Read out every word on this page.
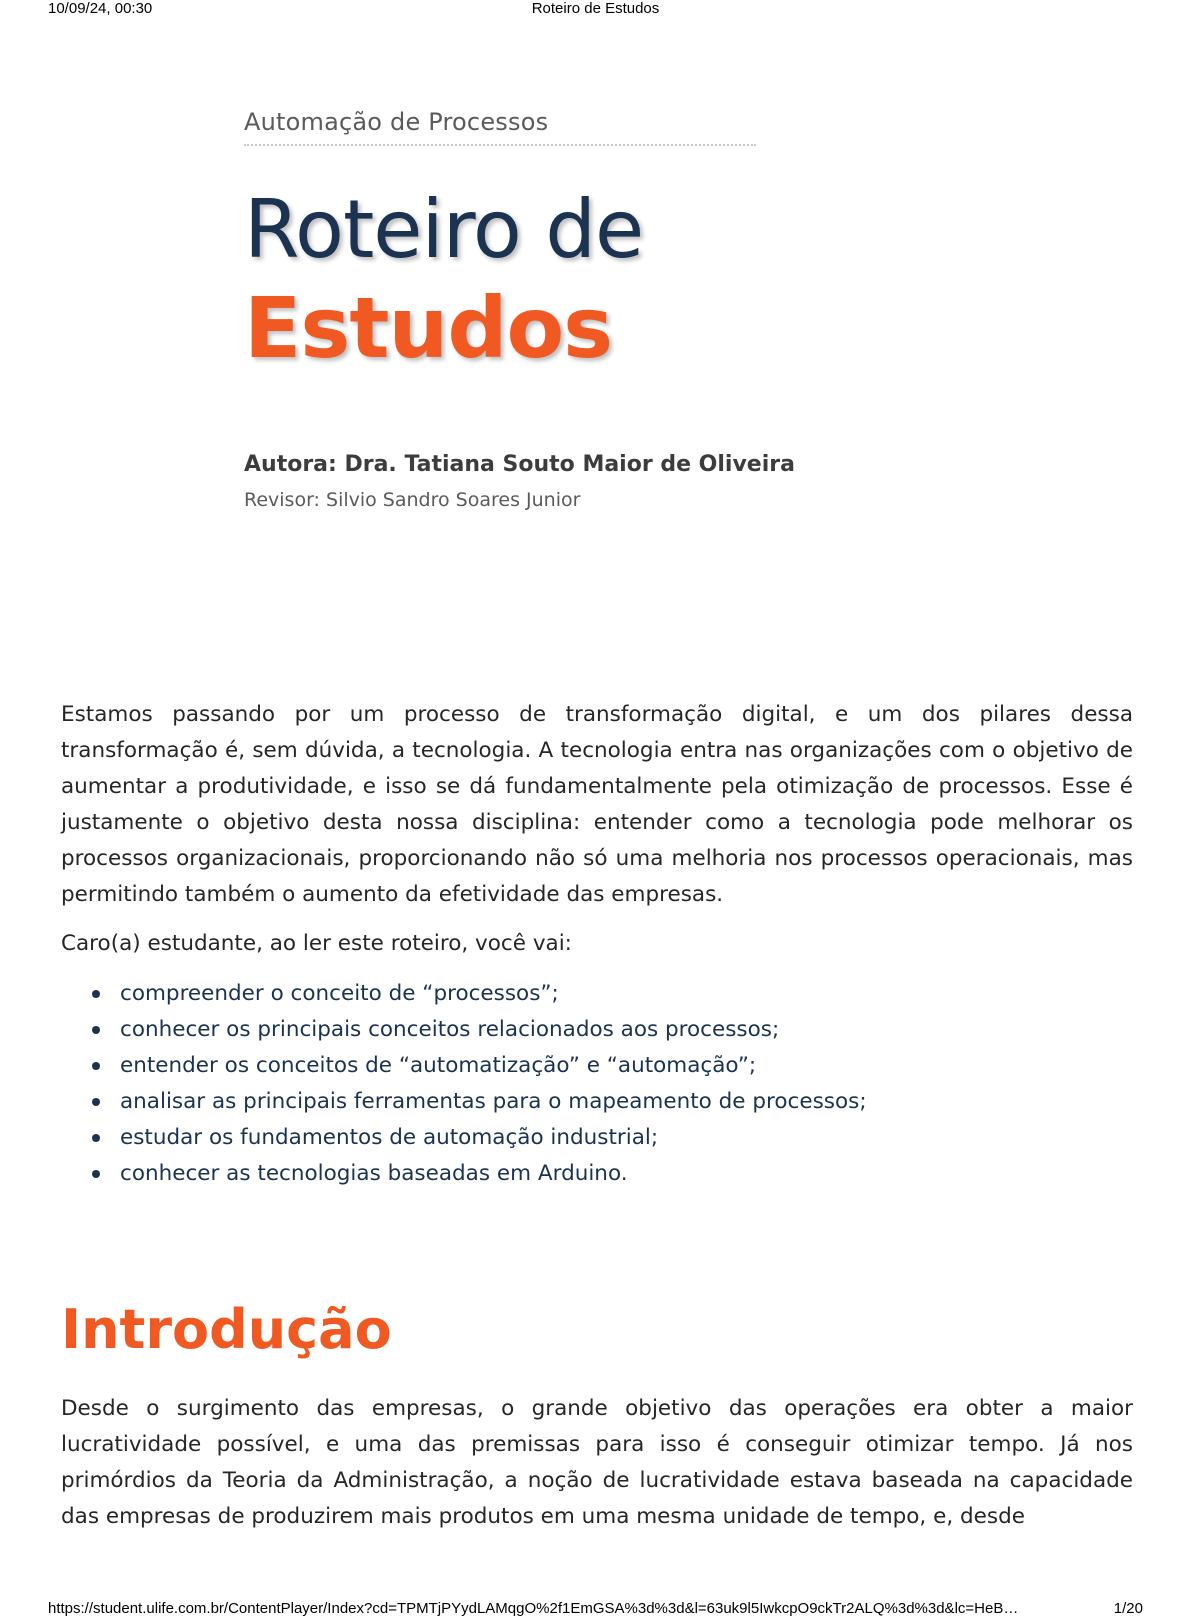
10/09/24, 00:30	Roteiro de Estudos
Automação de Processos
Roteiro de
Estudos
Autora: Dra. Tatiana Souto Maior de Oliveira
Revisor: Silvio Sandro Soares Junior

Estamos passando por um processo de transformação digital, e um dos pilares dessa transformação é, sem dúvida, a tecnologia. A tecnologia entra nas organizações com o objetivo de aumentar a produtividade, e isso se dá fundamentalmente pela otimização de processos. Esse é justamente o objetivo desta nossa disciplina: entender como a tecnologia pode melhorar os processos organizacionais, proporcionando não só uma melhoria nos processos operacionais, mas permitindo também o aumento da efetividade das empresas.

Caro(a) estudante, ao ler este roteiro, você vai:
compreender o conceito de “processos”;
conhecer os principais conceitos relacionados aos processos;
entender os conceitos de “automatização” e “automação”;
analisar as principais ferramentas para o mapeamento de processos;
estudar os fundamentos de automação industrial;
conhecer as tecnologias baseadas em Arduino.
Introdução

Desde o surgimento das empresas, o grande objetivo das operações era obter a maior lucratividade possível, e uma das premissas para isso é conseguir otimizar tempo. Já nos primórdios da Teoria da Administração, a noção de lucratividade estava baseada na capacidade das empresas de produzirem mais produtos em uma mesma unidade de tempo, e, desde

https://student.ulife.com.br/ContentPlayer/Index?cd=TPMTjPYydLAMqgO%2f1EmGSA%3d%3d&l=63uk9l5IwkcpO9ckTr2ALQ%3d%3d&lc=HeB…	1/20
